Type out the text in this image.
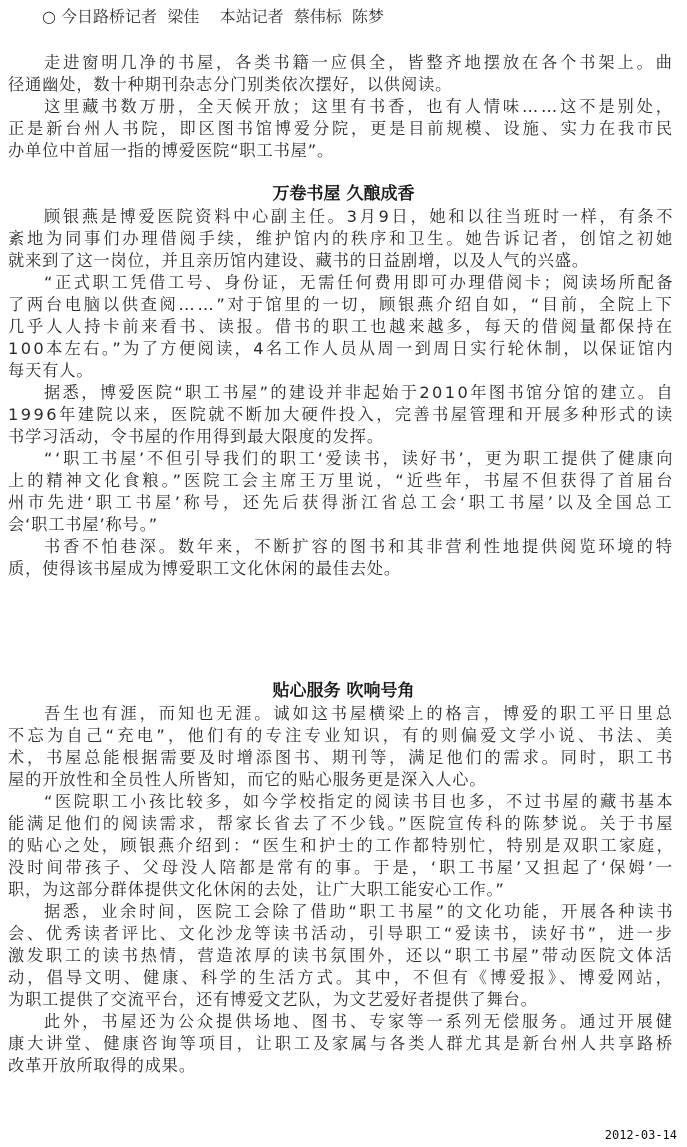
○ 今日路桥记者  梁佳    本站记者  蔡伟标  陈梦
走进窗明几净的书屋，各类书籍一应俱全，皆整齐地摆放在各个书架上。曲
径通幽处，数十种期刊杂志分门别类依次摆好，以供阅读。
这里藏书数万册，全天候开放；这里有书香，也有人情味……这不是别处，
正是新台州人书院，即区图书馆博爱分院，更是目前规模、设施、实力在我市民
办单位中首屈一指的博爱医院“职工书屋”。
万卷书屋 久酿成香
顾银燕是博爱医院资料中心副主任。3月9日，她和以往当班时一样，有条不
紊地为同事们办理借阅手续，维护馆内的秩序和卫生。她告诉记者，创馆之初她
就来到了这一岗位，并且亲历馆内建设、藏书的日益剧增，以及人气的兴盛。
“正式职工凭借工号、身份证，无需任何费用即可办理借阅卡；阅读场所配备
了两台电脑以供查阅……”对于馆里的一切，顾银燕介绍自如，“目前，全院上下
几乎人人持卡前来看书、读报。借书的职工也越来越多，每天的借阅量都保持在
100本左右。”为了方便阅读，4名工作人员从周一到周日实行轮休制，以保证馆内
每天有人。
据悉，博爱医院“职工书屋”的建设并非起始于2010年图书馆分馆的建立。自
1996年建院以来，医院就不断加大硬件投入，完善书屋管理和开展多种形式的读
书学习活动，令书屋的作用得到最大限度的发挥。
“‘职工书屋’不但引导我们的职工‘爱读书，读好书’，更为职工提供了健康向
上的精神文化食粮。”医院工会主席王万里说，“近些年，书屋不但获得了首届台
州市先进‘职工书屋’称号，还先后获得浙江省总工会‘职工书屋’以及全国总工
会‘职工书屋’称号。”
书香不怕巷深。数年来，不断扩容的图书和其非营利性地提供阅览环境的特
质，使得该书屋成为博爱职工文化休闲的最佳去处。
贴心服务 吹响号角
吾生也有涯，而知也无涯。诚如这书屋横梁上的格言，博爱的职工平日里总
不忘为自己“充电”，他们有的专注专业知识，有的则偏爱文学小说、书法、美
术，书屋总能根据需要及时增添图书、期刊等，满足他们的需求。同时，职工书
屋的开放性和全员性人所皆知，而它的贴心服务更是深入人心。
“医院职工小孩比较多，如今学校指定的阅读书目也多，不过书屋的藏书基本
能满足他们的阅读需求，帮家长省去了不少钱。”医院宣传科的陈梦说。关于书屋
的贴心之处，顾银燕介绍到：“医生和护士的工作都特别忙，特别是双职工家庭，
没时间带孩子、父母没人陪都是常有的事。于是，‘职工书屋’又担起了‘保姆’一
职，为这部分群体提供文化休闲的去处，让广大职工能安心工作。”
据悉，业余时间，医院工会除了借助“职工书屋”的文化功能，开展各种读书
会、优秀读者评比、文化沙龙等读书活动，引导职工“爱读书，读好书”，进一步
激发职工的读书热情，营造浓厚的读书氛围外，还以“职工书屋”带动医院文体活
动，倡导文明、健康、科学的生活方式。其中，不但有《博爱报》、博爱网站，
为职工提供了交流平台，还有博爱文艺队，为文艺爱好者提供了舞台。
此外，书屋还为公众提供场地、图书、专家等一系列无偿服务。通过开展健
康大讲堂、健康咨询等项目，让职工及家属与各类人群尤其是新台州人共享路桥
改革开放所取得的成果。
2012-03-14
